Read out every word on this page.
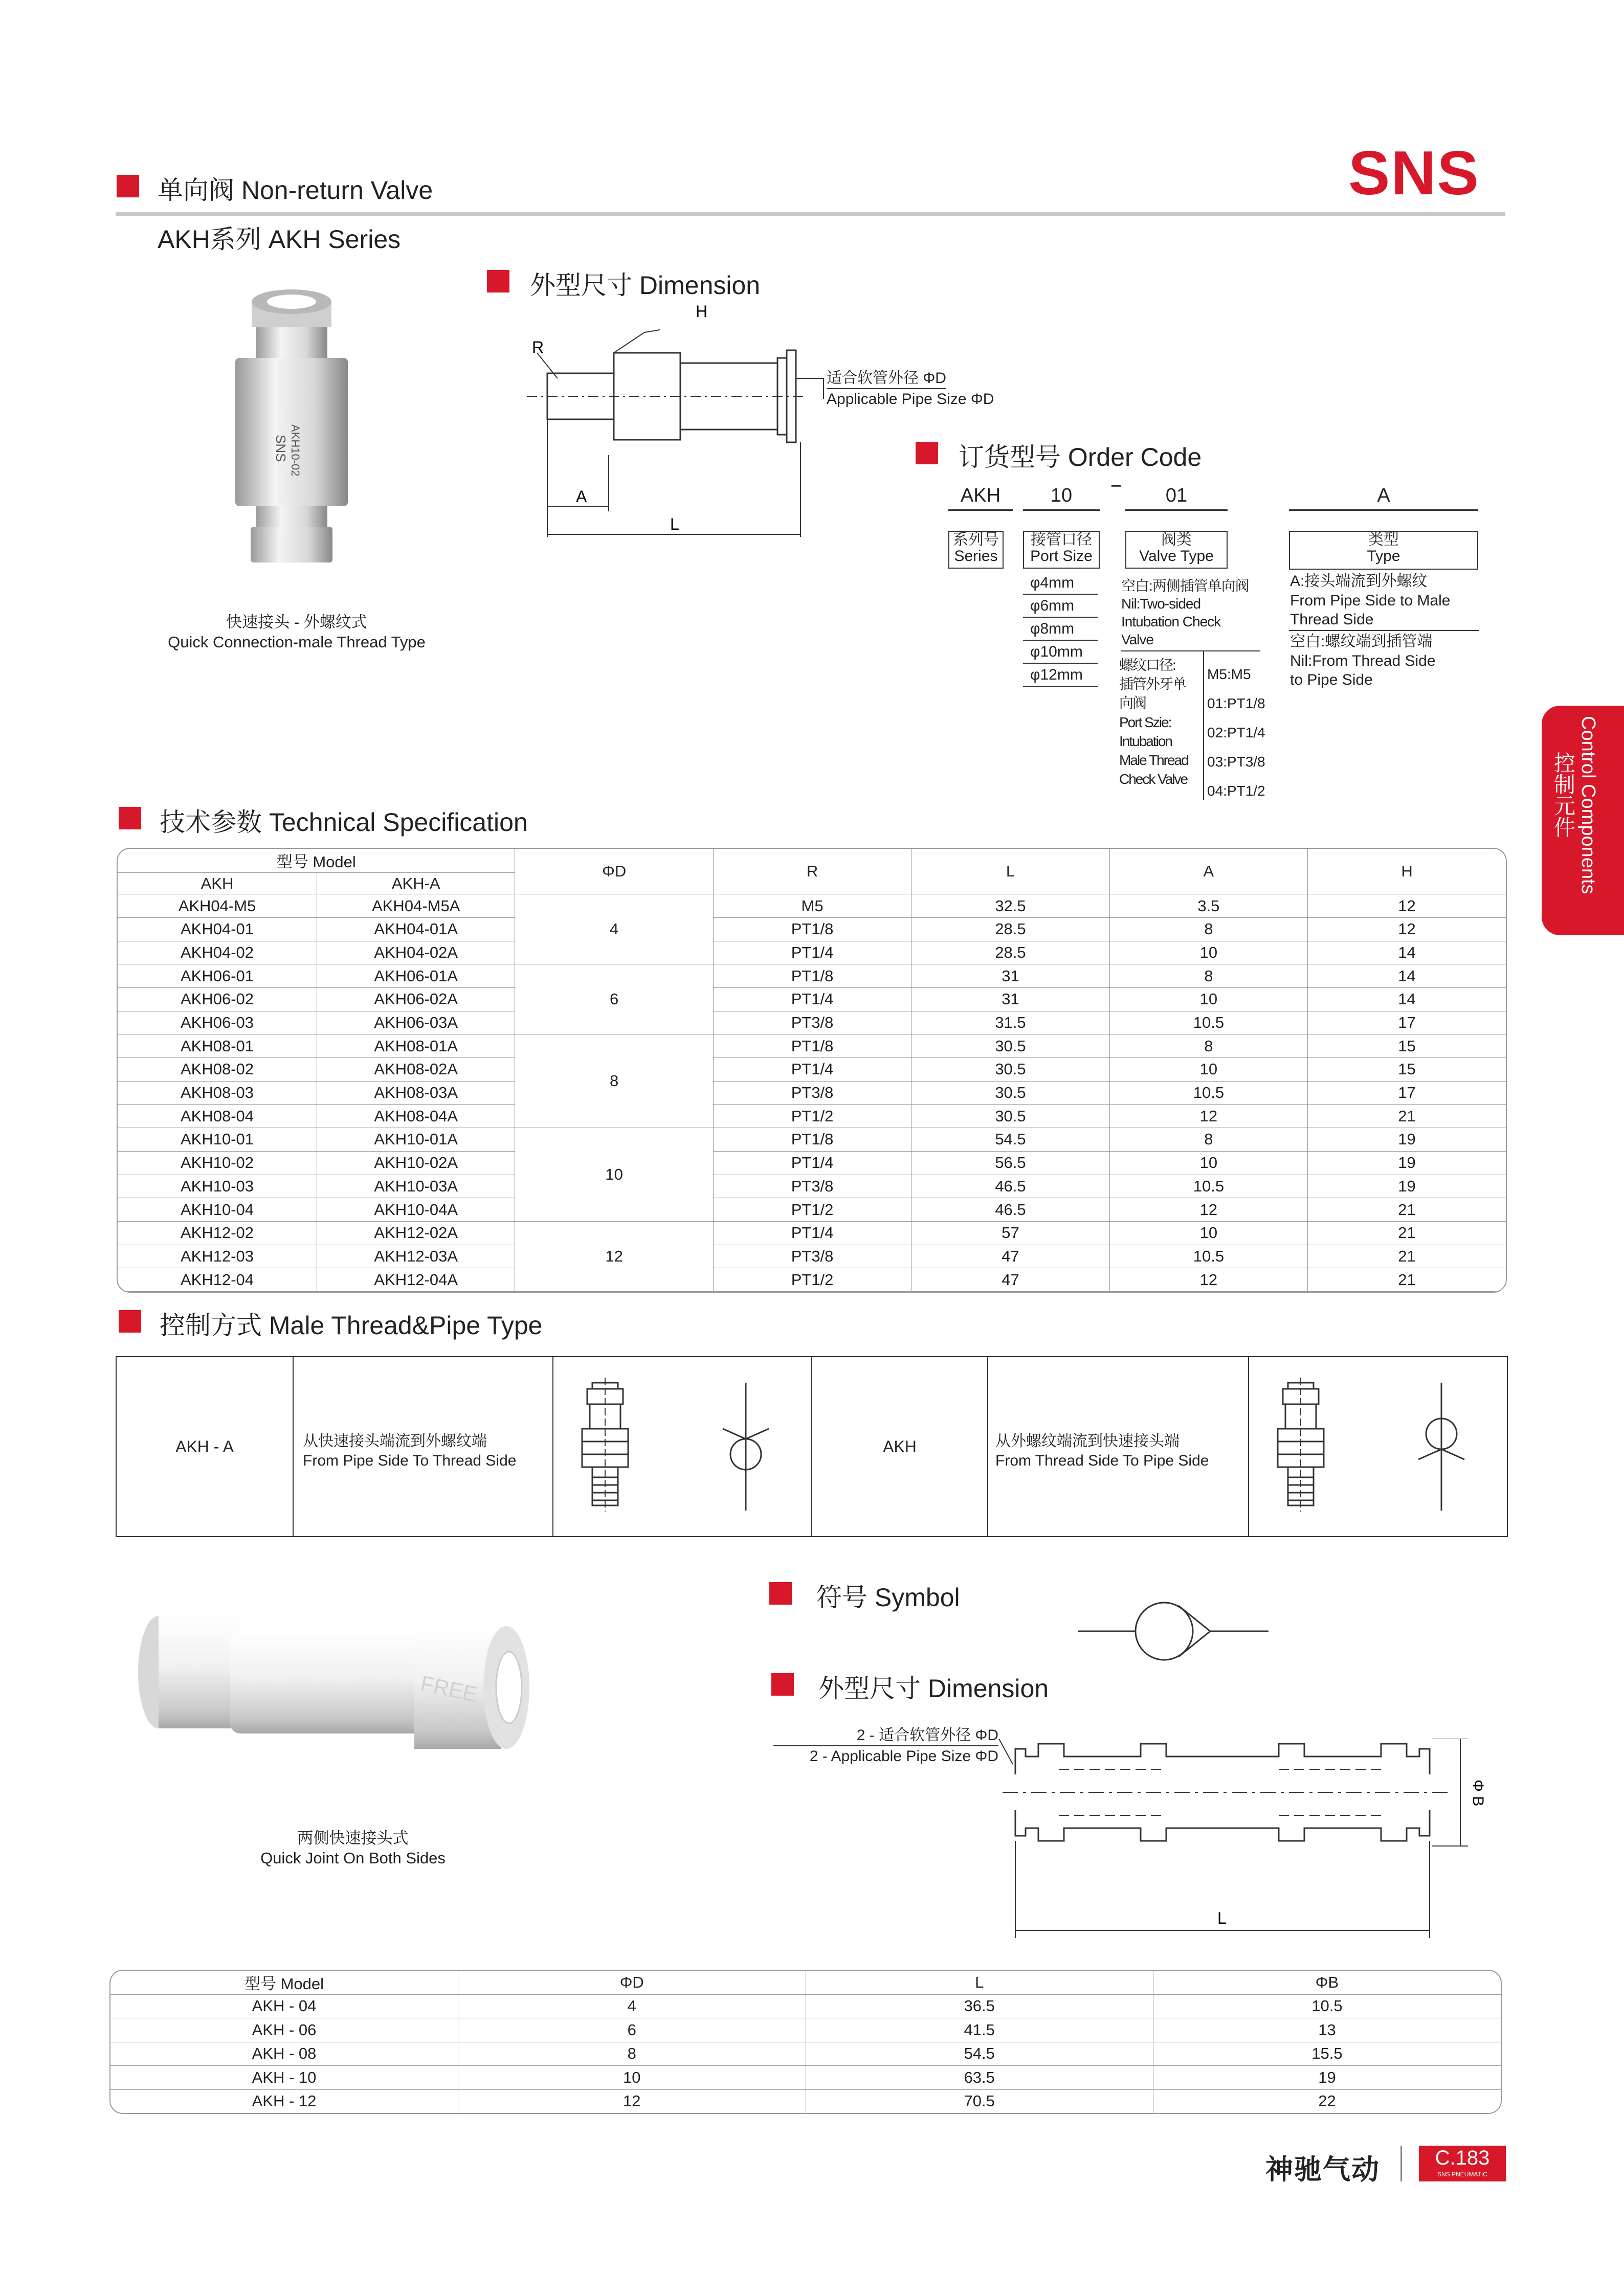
单向阀 Non-return Valve
AKH系列 AKH Series
SNS
Control Components
控制元件
SNS AKH10-02
快速接头 - 外螺纹式
Quick Connection-male Thread Type
外型尺寸 Dimension
A
L
H
R
适合软管外径 ΦD
Applicable Pipe Size ΦD
订货型号 Order Code
AKH	10	−	01	A
系列号
Series
接管口径
Port Size
φ4mm
φ6mm
φ8mm
φ10mm
φ12mm
阀类
Valve Type
空白:两侧插管单向阀
Nil:Two-sided
Intubation Check
Valve
螺纹口径:
插管外牙单
向阀
Port Szie:
Intubation
Male Thread
Check Valve
M5:M5
01:PT1/8
02:PT1/4
03:PT3/8
04:PT1/2
类型
Type
A:接头端流到外螺纹
From Pipe Side to Male
Thread Side
空白:螺纹端到插管端
Nil:From Thread Side
to Pipe Side
技术参数 Technical Specification
型号 Model		ΦD	R	L	A	H
AKH	AKH-A					
AKH04-M5	AKH04-M5A	4	M5	32.5	3.5	12
AKH04-01	AKH04-01A		PT1/8	28.5	8	12
AKH04-02	AKH04-02A		PT1/4	28.5	10	14
AKH06-01	AKH06-01A	6	PT1/8	31	8	14
AKH06-02	AKH06-02A		PT1/4	31	10	14
AKH06-03	AKH06-03A		PT3/8	31.5	10.5	17
AKH08-01	AKH08-01A	8	PT1/8	30.5	8	15
AKH08-02	AKH08-02A		PT1/4	30.5	10	15
AKH08-03	AKH08-03A		PT3/8	30.5	10.5	17
AKH08-04	AKH08-04A		PT1/2	30.5	12	21
AKH10-01	AKH10-01A	10	PT1/8	54.5	8	19
AKH10-02	AKH10-02A		PT1/4	56.5	10	19
AKH10-03	AKH10-03A		PT3/8	46.5	10.5	19
AKH10-04	AKH10-04A		PT1/2	46.5	12	21
AKH12-02	AKH12-02A	12	PT1/4	57	10	21
AKH12-03	AKH12-03A		PT3/8	47	10.5	21
AKH12-04	AKH12-04A		PT1/2	47	12	21
控制方式 Male Thread&Pipe Type
AKH - A	从快速接头端流到外螺纹端
From Pipe Side To Thread Side
AKH	从外螺纹端流到快速接头端
From Thread Side To Pipe Side
FREE
两侧快速接头式
Quick Joint On Both Sides
符号 Symbol
外型尺寸 Dimension
2 - 适合软管外径 ΦD
2 - Applicable Pipe Size ΦD
L
Φ B
型号 Model	ΦD	L	ΦB
AKH - 04	4	36.5	10.5
AKH - 06	6	41.5	13
AKH - 08	8	54.5	15.5
AKH - 10	10	63.5	19
AKH - 12	12	70.5	22
神驰气动	C.183
SNS PNEUMATIC
